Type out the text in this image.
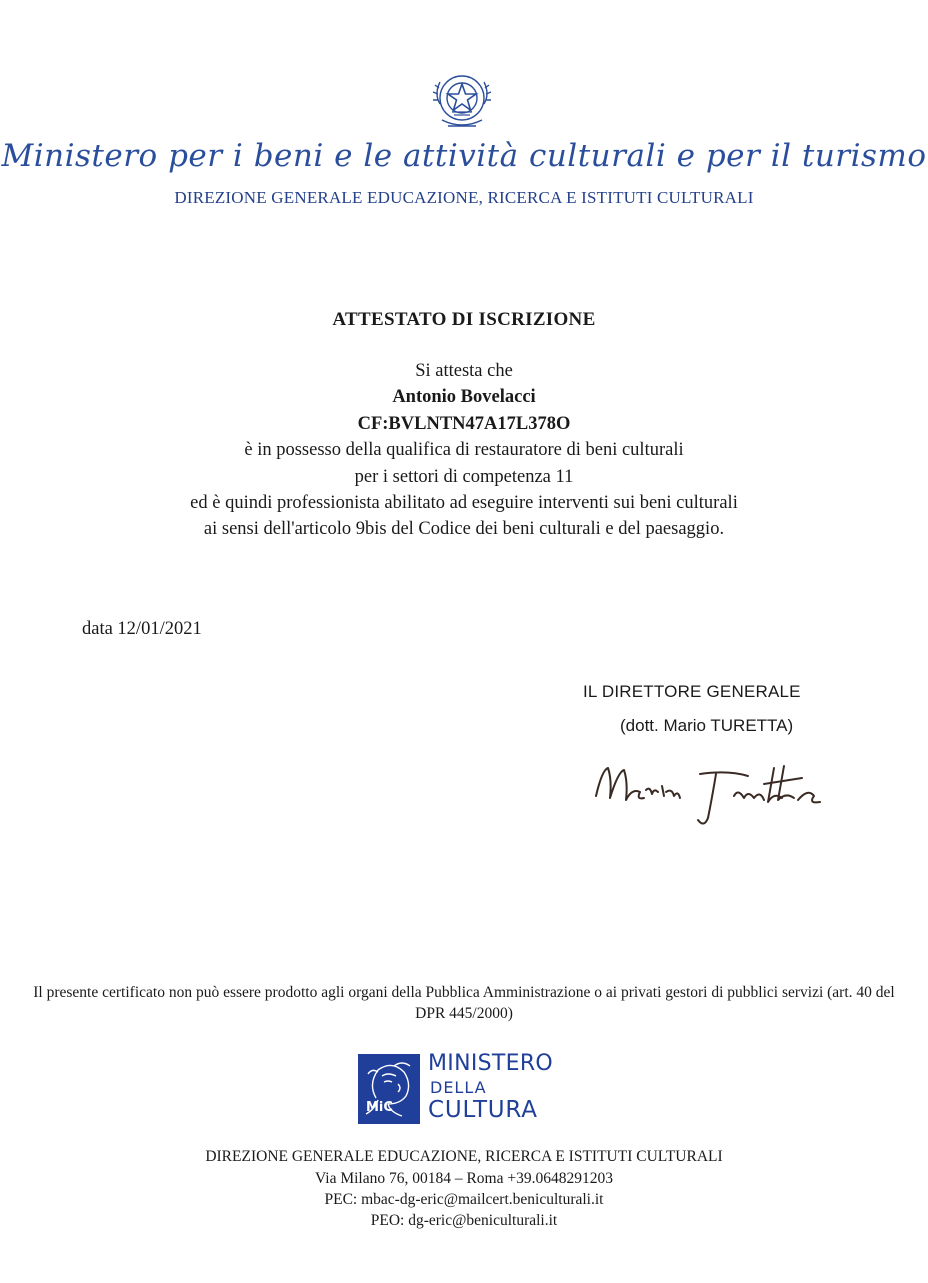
Ministero per i beni e le attività culturali e per il turismo
DIREZIONE GENERALE EDUCAZIONE, RICERCA E ISTITUTI CULTURALI
ATTESTATO DI ISCRIZIONE
Si attesta che
Antonio Bovelacci
CF:BVLNTN47A17L378O
è in possesso della qualifica di restauratore di beni culturali
per i settori di competenza 11
ed è quindi professionista abilitato ad eseguire interventi sui beni culturali
ai sensi dell'articolo 9bis del Codice dei beni culturali e del paesaggio.
data 12/01/2021
IL DIRETTORE GENERALE
(dott. Mario TURETTA)
Il presente certificato non può essere prodotto agli organi della Pubblica Amministrazione o ai privati gestori di pubblici servizi (art. 40 del DPR 445/2000)
MiC
MINISTERO
DELLA
CULTURA
DIREZIONE GENERALE EDUCAZIONE, RICERCA E ISTITUTI CULTURALI
Via Milano 76, 00184 – Roma +39.0648291203
PEC: mbac-dg-eric@mailcert.beniculturali.it
PEO: dg-eric@beniculturali.it
